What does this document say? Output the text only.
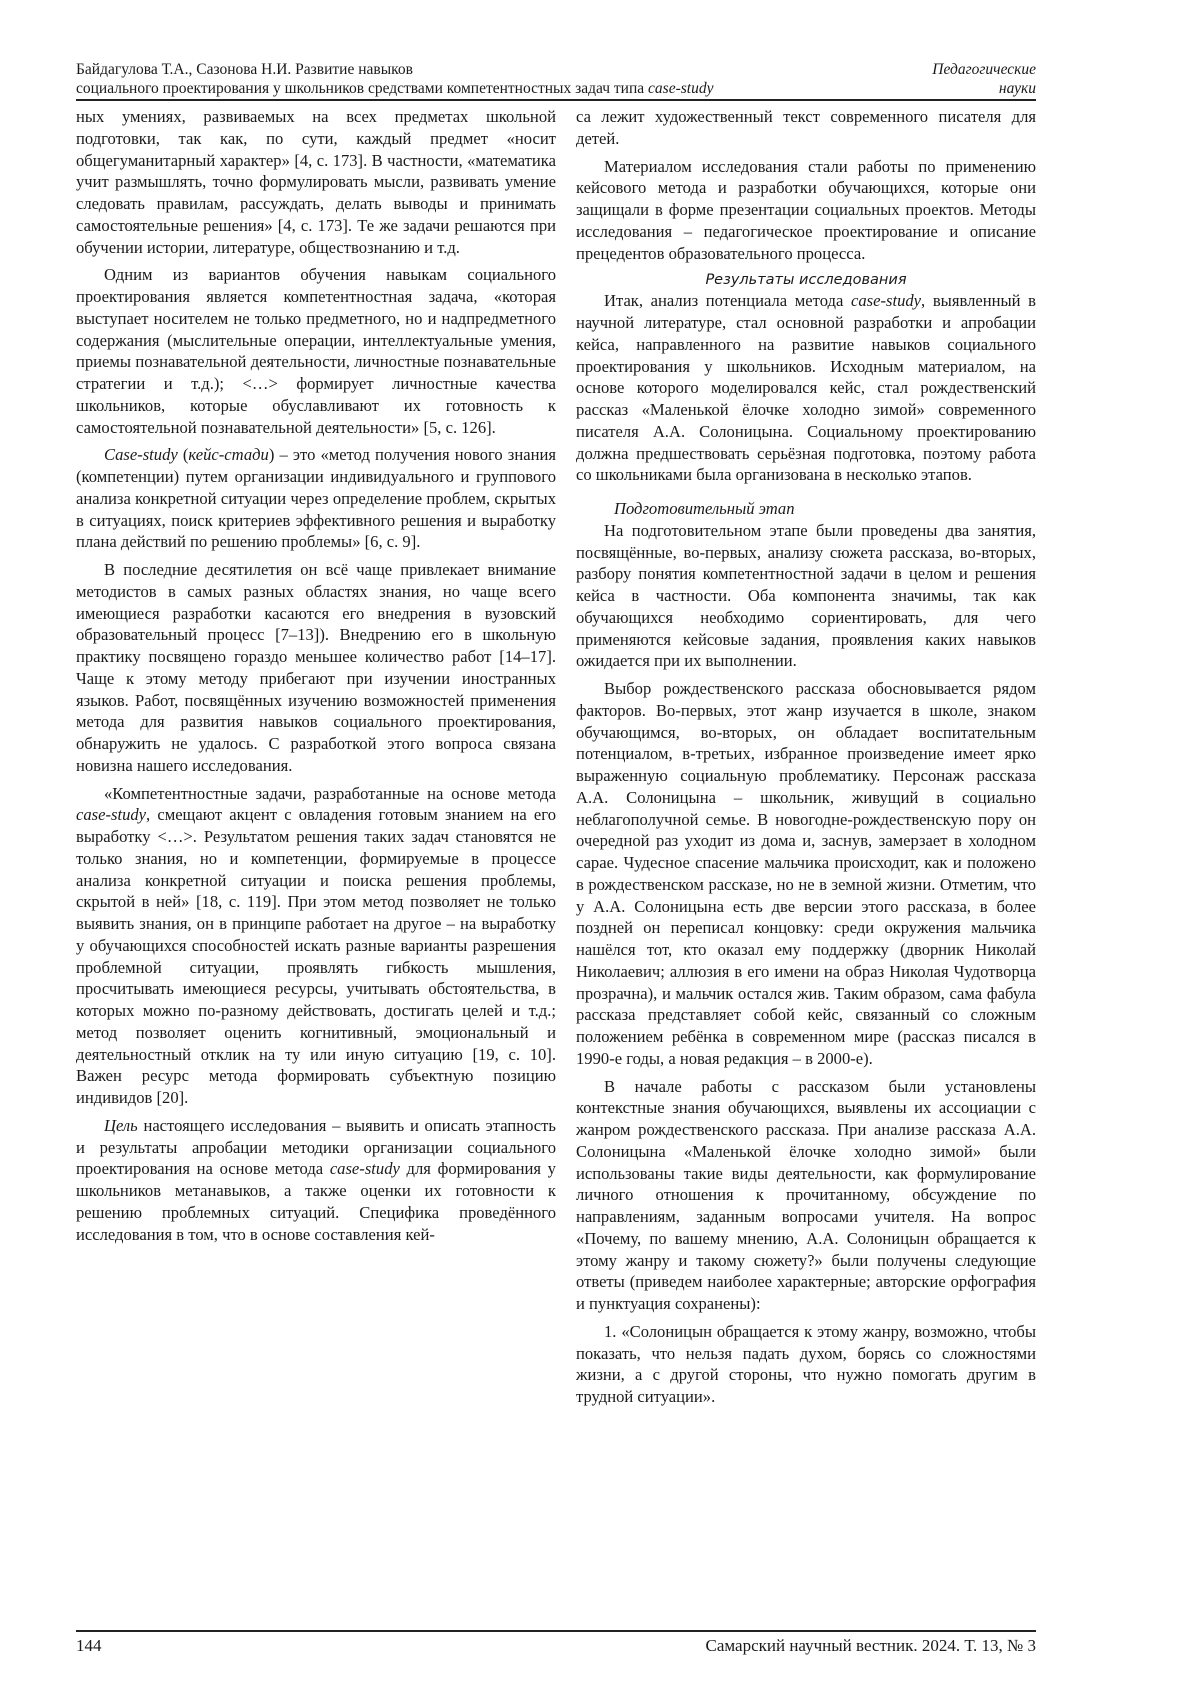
Байдагулова Т.А., Сазонова Н.И. Развитие навыков
социального проектирования у школьников средствами компетентностных задач типа case-study
Педагогические
науки

ных умениях, развиваемых на всех предметах школьной подготовки, так как, по сути, каждый предмет «носит общегуманитарный характер» [4, с. 173]. В частности, «математика учит размышлять, точно формулировать мысли, развивать умение следовать правилам, рассуждать, делать выводы и принимать самостоятельные решения» [4, с. 173]. Те же задачи решаются при обучении истории, литературе, обществознанию и т.д.

Одним из вариантов обучения навыкам социального проектирования является компетентностная задача, «которая выступает носителем не только предметного, но и надпредметного содержания (мыслительные операции, интеллектуальные умения, приемы познавательной деятельности, личностные познавательные стратегии и т.д.); <…> формирует личностные качества школьников, которые обуславливают их готовность к самостоятельной познавательной деятельности» [5, с. 126].

Case-study (кейс-стади) – это «метод получения нового знания (компетенции) путем организации индивидуального и группового анализа конкретной ситуации через определение проблем, скрытых в ситуациях, поиск критериев эффективного решения и выработку плана действий по решению проблемы» [6, с. 9].

В последние десятилетия он всё чаще привлекает внимание методистов в самых разных областях знания, но чаще всего имеющиеся разработки касаются его внедрения в вузовский образовательный процесс [7–13]). Внедрению его в школьную практику посвящено гораздо меньшее количество работ [14–17]. Чаще к этому методу прибегают при изучении иностранных языков. Работ, посвящённых изучению возможностей применения метода для развития навыков социального проектирования, обнаружить не удалось. С разработкой этого вопроса связана новизна нашего исследования.

«Компетентностные задачи, разработанные на основе метода case-study, смещают акцент с овладения готовым знанием на его выработку <…>. Результатом решения таких задач становятся не только знания, но и компетенции, формируемые в процессе анализа конкретной ситуации и поиска решения проблемы, скрытой в ней» [18, с. 119]. При этом метод позволяет не только выявить знания, он в принципе работает на другое – на выработку у обучающихся способностей искать разные варианты разрешения проблемной ситуации, проявлять гибкость мышления, просчитывать имеющиеся ресурсы, учитывать обстоятельства, в которых можно по-разному действовать, достигать целей и т.д.; метод позволяет оценить когнитивный, эмоциональный и деятельностный отклик на ту или иную ситуацию [19, с. 10]. Важен ресурс метода формировать субъектную позицию индивидов [20].

Цель настоящего исследования – выявить и описать этапность и результаты апробации методики организации социального проектирования на основе метода case-study для формирования у школьников метанавыков, а также оценки их готовности к решению проблемных ситуаций. Специфика проведённого исследования в том, что в основе составления кей-

са лежит художественный текст современного писателя для детей.

Материалом исследования стали работы по применению кейсового метода и разработки обучающихся, которые они защищали в форме презентации социальных проектов. Методы исследования – педагогическое проектирование и описание прецедентов образовательного процесса.

Результаты исследования

Итак, анализ потенциала метода case-study, выявленный в научной литературе, стал основной разработки и апробации кейса, направленного на развитие навыков социального проектирования у школьников. Исходным материалом, на основе которого моделировался кейс, стал рождественский рассказ «Маленькой ёлочке холодно зимой» современного писателя А.А. Солоницына. Социальному проектированию должна предшествовать серьёзная подготовка, поэтому работа со школьниками была организована в несколько этапов.

Подготовительный этап

На подготовительном этапе были проведены два занятия, посвящённые, во-первых, анализу сюжета рассказа, во-вторых, разбору понятия компетентностной задачи в целом и решения кейса в частности. Оба компонента значимы, так как обучающихся необходимо сориентировать, для чего применяются кейсовые задания, проявления каких навыков ожидается при их выполнении.

Выбор рождественского рассказа обосновывается рядом факторов. Во-первых, этот жанр изучается в школе, знаком обучающимся, во-вторых, он обладает воспитательным потенциалом, в-третьих, избранное произведение имеет ярко выраженную социальную проблематику. Персонаж рассказа А.А. Солоницына – школьник, живущий в социально неблагополучной семье. В новогодне-рождественскую пору он очередной раз уходит из дома и, заснув, замерзает в холодном сарае. Чудесное спасение мальчика происходит, как и положено в рождественском рассказе, но не в земной жизни. Отметим, что у А.А. Солоницына есть две версии этого рассказа, в более поздней он переписал концовку: среди окружения мальчика нашёлся тот, кто оказал ему поддержку (дворник Николай Николаевич; аллюзия в его имени на образ Николая Чудотворца прозрачна), и мальчик остался жив. Таким образом, сама фабула рассказа представляет собой кейс, связанный со сложным положением ребёнка в современном мире (рассказ писался в 1990-е годы, а новая редакция – в 2000-е).

В начале работы с рассказом были установлены контекстные знания обучающихся, выявлены их ассоциации с жанром рождественского рассказа. При анализе рассказа А.А. Солоницына «Маленькой ёлочке холодно зимой» были использованы такие виды деятельности, как формулирование личного отношения к прочитанному, обсуждение по направлениям, заданным вопросами учителя. На вопрос «Почему, по вашему мнению, А.А. Солоницын обращается к этому жанру и такому сюжету?» были получены следующие ответы (приведем наиболее характерные; авторские орфография и пунктуация сохранены):

1. «Солоницын обращается к этому жанру, возможно, чтобы показать, что нельзя падать духом, борясь со сложностями жизни, а с другой стороны, что нужно помогать другим в трудной ситуации».

144	Самарский научный вестник. 2024. Т. 13, № 3
